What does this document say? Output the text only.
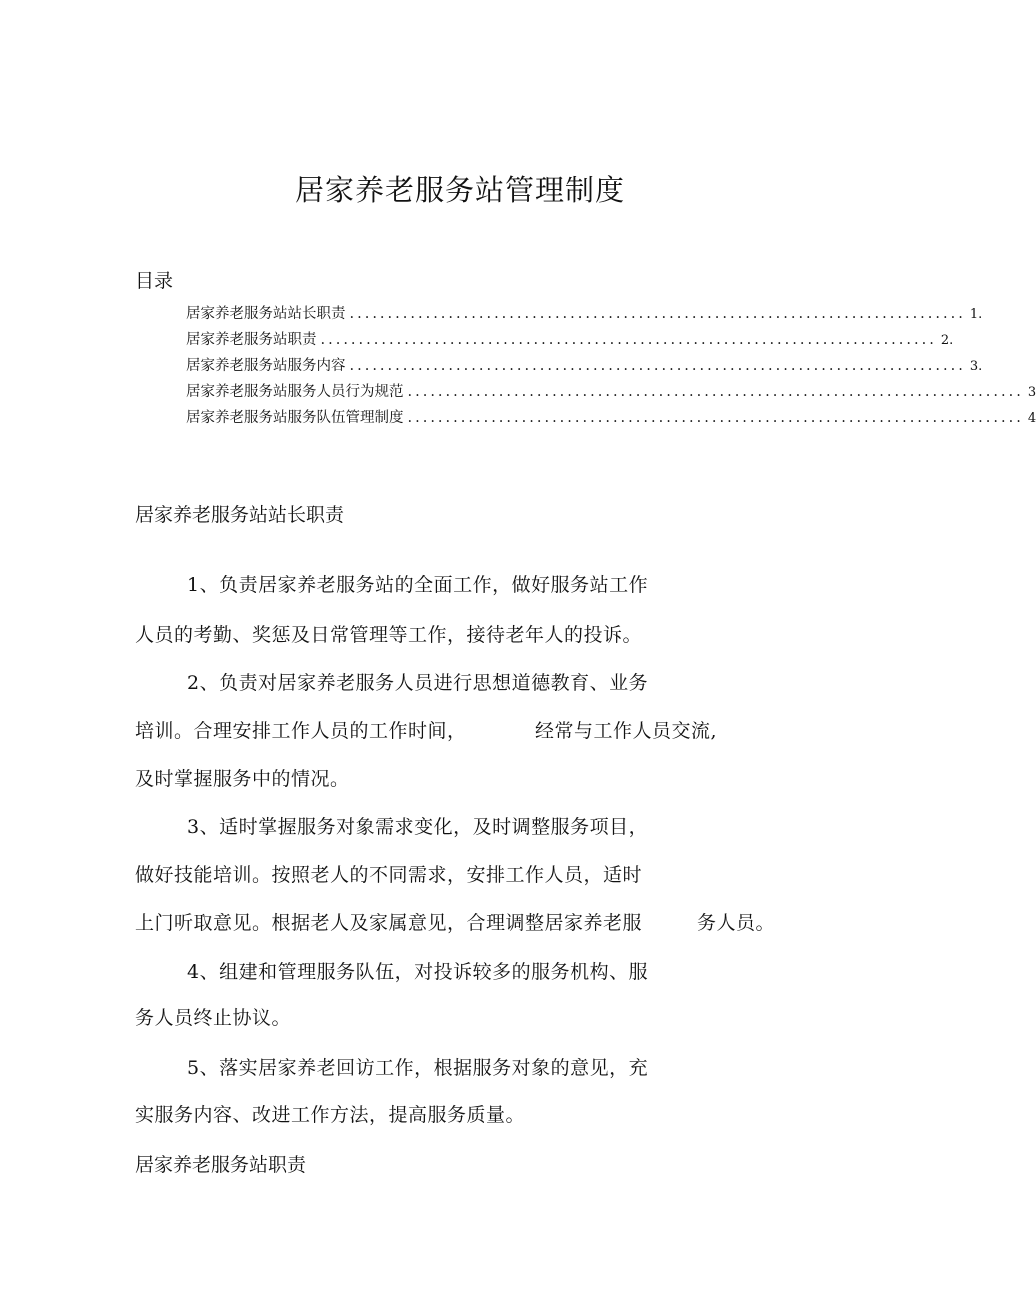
居家养老服务站管理制度
目录
居家养老服务站站长职责 ................................................................................. 1.
居家养老服务站职责 ................................................................................. 2.
居家养老服务站服务内容 ................................................................................. 3.
居家养老服务站服务人员行为规范 ................................................................................. 3
居家养老服务站服务队伍管理制度 ................................................................................. 4
居家养老服务站站长职责
1、负责居家养老服务站的全面工作，做好服务站工作
人员的考勤、奖惩及日常管理等工作，接待老年人的投诉。
2、负责对居家养老服务人员进行思想道德教育、业务
培训。合理安排工作人员的工作时间，	经常与工作人员交流,
及时掌握服务中的情况。
3、适时掌握服务对象需求变化，及时调整服务项目，
做好技能培训。按照老人的不同需求，安排工作人员，适时
上门听取意见。根据老人及家属意见，合理调整居家养老服	务人员。
4、组建和管理服务队伍，对投诉较多的服务机构、服
务人员终止协议。
5、落实居家养老回访工作，根据服务对象的意见，充
实服务内容、改进工作方法，提高服务质量。
居家养老服务站职责
